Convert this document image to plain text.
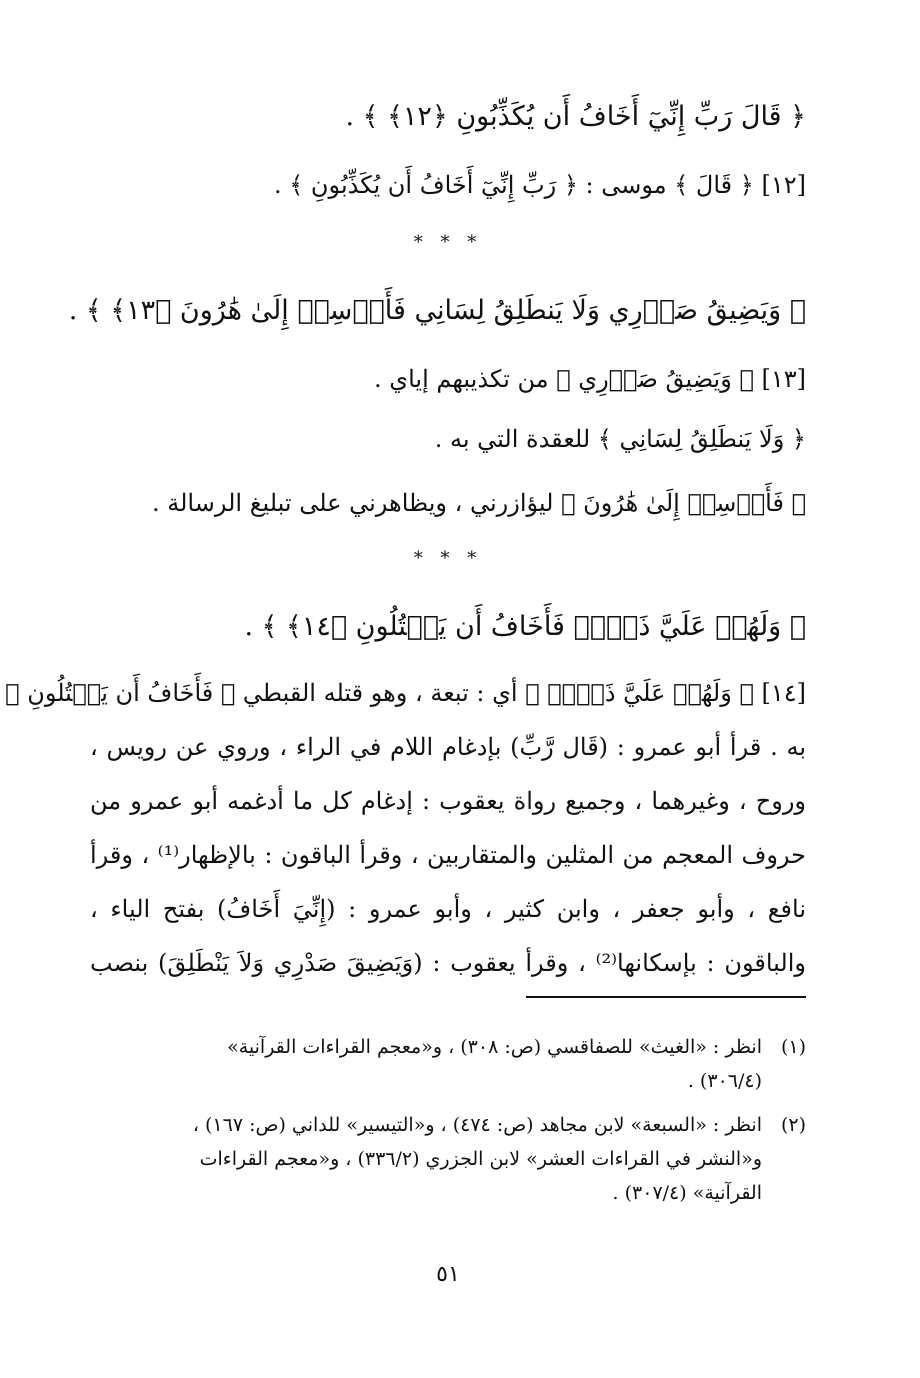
﴿ قَالَ رَبِّ إِنِّيٓ أَخَافُ أَن يُكَذِّبُونِ ﴿١٢﴾ ﴾ .
[١٢] ﴿ قَالَ ﴾ موسى : ﴿ رَبِّ إِنِّيٓ أَخَافُ أَن يُكَذِّبُونِ ﴾ .
* * *
﴿ وَيَضِيقُ صَدۡرِي وَلَا يَنطَلِقُ لِسَانِي فَأَرۡسِلۡ إِلَىٰ هَٰرُونَ ﴿١٣﴾ ﴾ .
[١٣] ﴿ وَيَضِيقُ صَدۡرِي ﴾ من تكذيبهم إياي .
﴿ وَلَا يَنطَلِقُ لِسَانِي ﴾ للعقدة التي به .
﴿ فَأَرۡسِلۡ إِلَىٰ هَٰرُونَ ﴾ ليؤازرني ، ويظاهرني على تبليغ الرسالة .
* * *
﴿ وَلَهُمۡ عَلَيَّ ذَنۢبٞ فَأَخَافُ أَن يَقۡتُلُونِ ﴿١٤﴾ ﴾ .
[١٤] ﴿ وَلَهُمۡ عَلَيَّ ذَنۢبٞ ﴾ أي : تبعة ، وهو قتله القبطي ﴿ فَأَخَافُ أَن يَقۡتُلُونِ ﴾
به . قرأ أبو عمرو : (قَال رَّبِّ) بإدغام اللام في الراء ، وروي عن رويس ،
وروح ، وغيرهما ، وجميع رواة يعقوب : إدغام كل ما أدغمه أبو عمرو من
حروف المعجم من المثلين والمتقاربين ، وقرأ الباقون : بالإظهار⁽¹⁾ ، وقرأ
نافع ، وأبو جعفر ، وابن كثير ، وأبو عمرو : (إِنِّيَ أَخَافُ) بفتح الياء ،
والباقون : بإسكانها⁽²⁾ ، وقرأ يعقوب : (وَيَضِيقَ صَدْرِي وَلاَ يَنْطَلِقَ) بنصب
(١)انظر : «الغيث» للصفاقسي (ص: ٣٠٨) ، و«معجم القراءات القرآنية»
(٣٠٦/٤) .
(٢)انظر : «السبعة» لابن مجاهد (ص: ٤٧٤) ، و«التيسير» للداني (ص: ١٦٧) ،
و«النشر في القراءات العشر» لابن الجزري (٣٣٦/٢) ، و«معجم القراءات
القرآنية» (٣٠٧/٤) .
٥١
